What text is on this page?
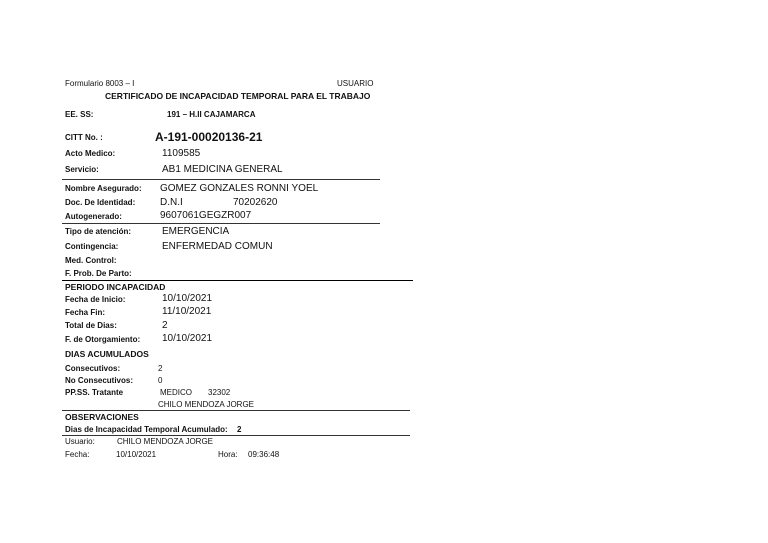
Formulario 8003 – I	USUARIO
CERTIFICADO DE INCAPACIDAD TEMPORAL PARA EL TRABAJO
EE. SS:	191 – H.II CAJAMARCA
CITT No. :	A-191-00020136-21
Acto Medico:	1109585
Servicio:	AB1 MEDICINA GENERAL
Nombre Asegurado: GOMEZ GONZALES RONNI YOEL
Doc. De Identidad: D.N.I	70202620
Autogenerado:	9607061GEGZR007
Tipo de atención:	EMERGENCIA
Contingencia:	ENFERMEDAD COMUN
Med. Control:
F. Prob. De Parto:
PERIODO INCAPACIDAD
Fecha de Inicio:	10/10/2021
Fecha Fin:	11/10/2021
Total de Dias:	2
F. de Otorgamiento: 10/10/2021
DIAS ACUMULADOS
Consecutivos:	2
No Consecutivos:	0
PP.SS. Tratante	MEDICO 32302
CHILO MENDOZA JORGE
OBSERVACIONES
Dias de Incapacidad Temporal Acumulado: 2
Usuario:	CHILO MENDOZA JORGE
Fecha:	10/10/2021	Hora: 09:36:48
